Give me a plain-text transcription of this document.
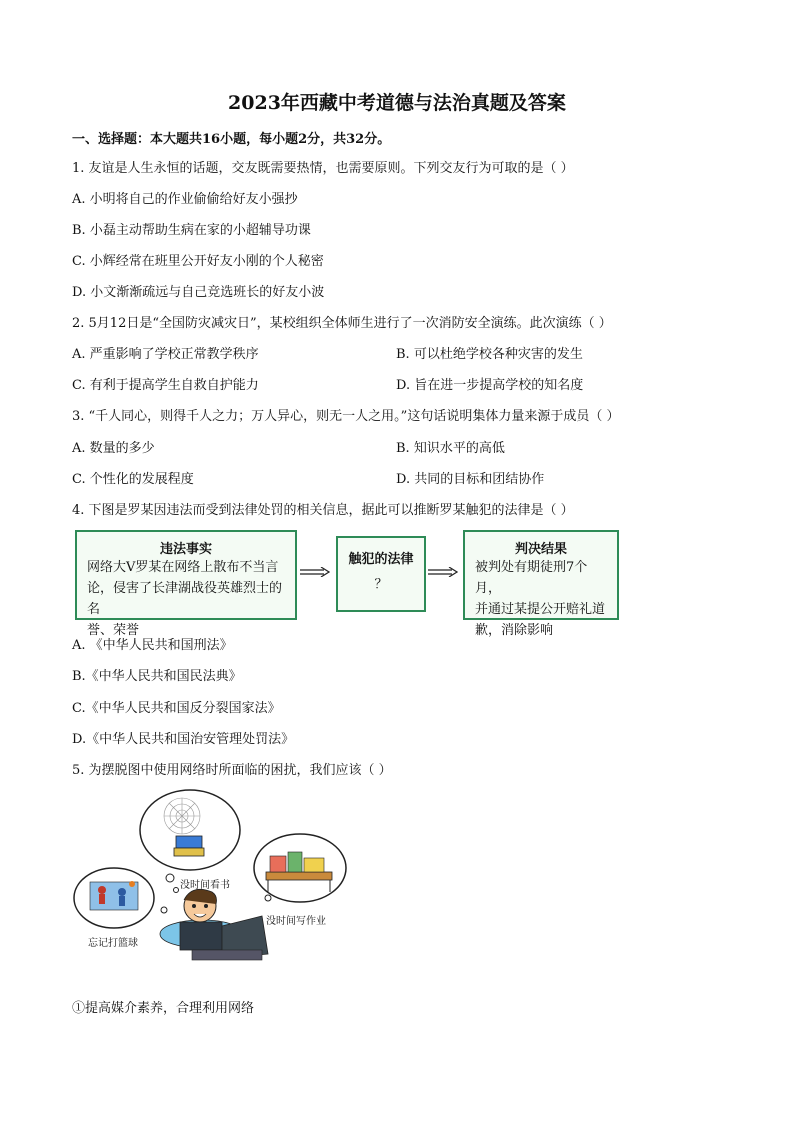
2023年西藏中考道德与法治真题及答案
一、选择题：本大题共16小题，每小题2分，共32分。
1. 友谊是人生永恒的话题，交友既需要热情，也需要原则。下列交友行为可取的是（ ）
A. 小明将自己的作业偷偷给好友小强抄
B. 小磊主动帮助生病在家的小超辅导功课
C. 小辉经常在班里公开好友小刚的个人秘密
D. 小文渐渐疏远与自己竞选班长的好友小波
2. 5月12日是“全国防灾减灾日”，某校组织全体师生进行了一次消防安全演练。此次演练（ ）
A. 严重影响了学校正常教学秩序	B. 可以杜绝学校各种灾害的发生
C. 有利于提高学生自救自护能力	D. 旨在进一步提高学校的知名度
3. “千人同心，则得千人之力；万人异心，则无一人之用。”这句话说明集体力量来源于成员（ ）
A. 数量的多少	B. 知识水平的高低
C. 个性化的发展程度	D. 共同的目标和团结协作
4. 下图是罗某因违法而受到法律处罚的相关信息，据此可以推断罗某触犯的法律是（ ）
违法事实
网络大V罗某在网络上散布不当言
论，侵害了长津湖战役英雄烈士的名
誉、荣誉
触犯的法律
？
判决结果
被判处有期徒刑7个月，
并通过某提公开赔礼道
歉，消除影响
A. 《中华人民共和国刑法》
B.《中华人民共和国民法典》
C.《中华人民共和国反分裂国家法》
D.《中华人民共和国治安管理处罚法》
5. 为摆脱图中使用网络时所面临的困扰，我们应该（ ）
没时间看书
没时间写作业
忘记打篮球
①提高媒介素养，合理利用网络
